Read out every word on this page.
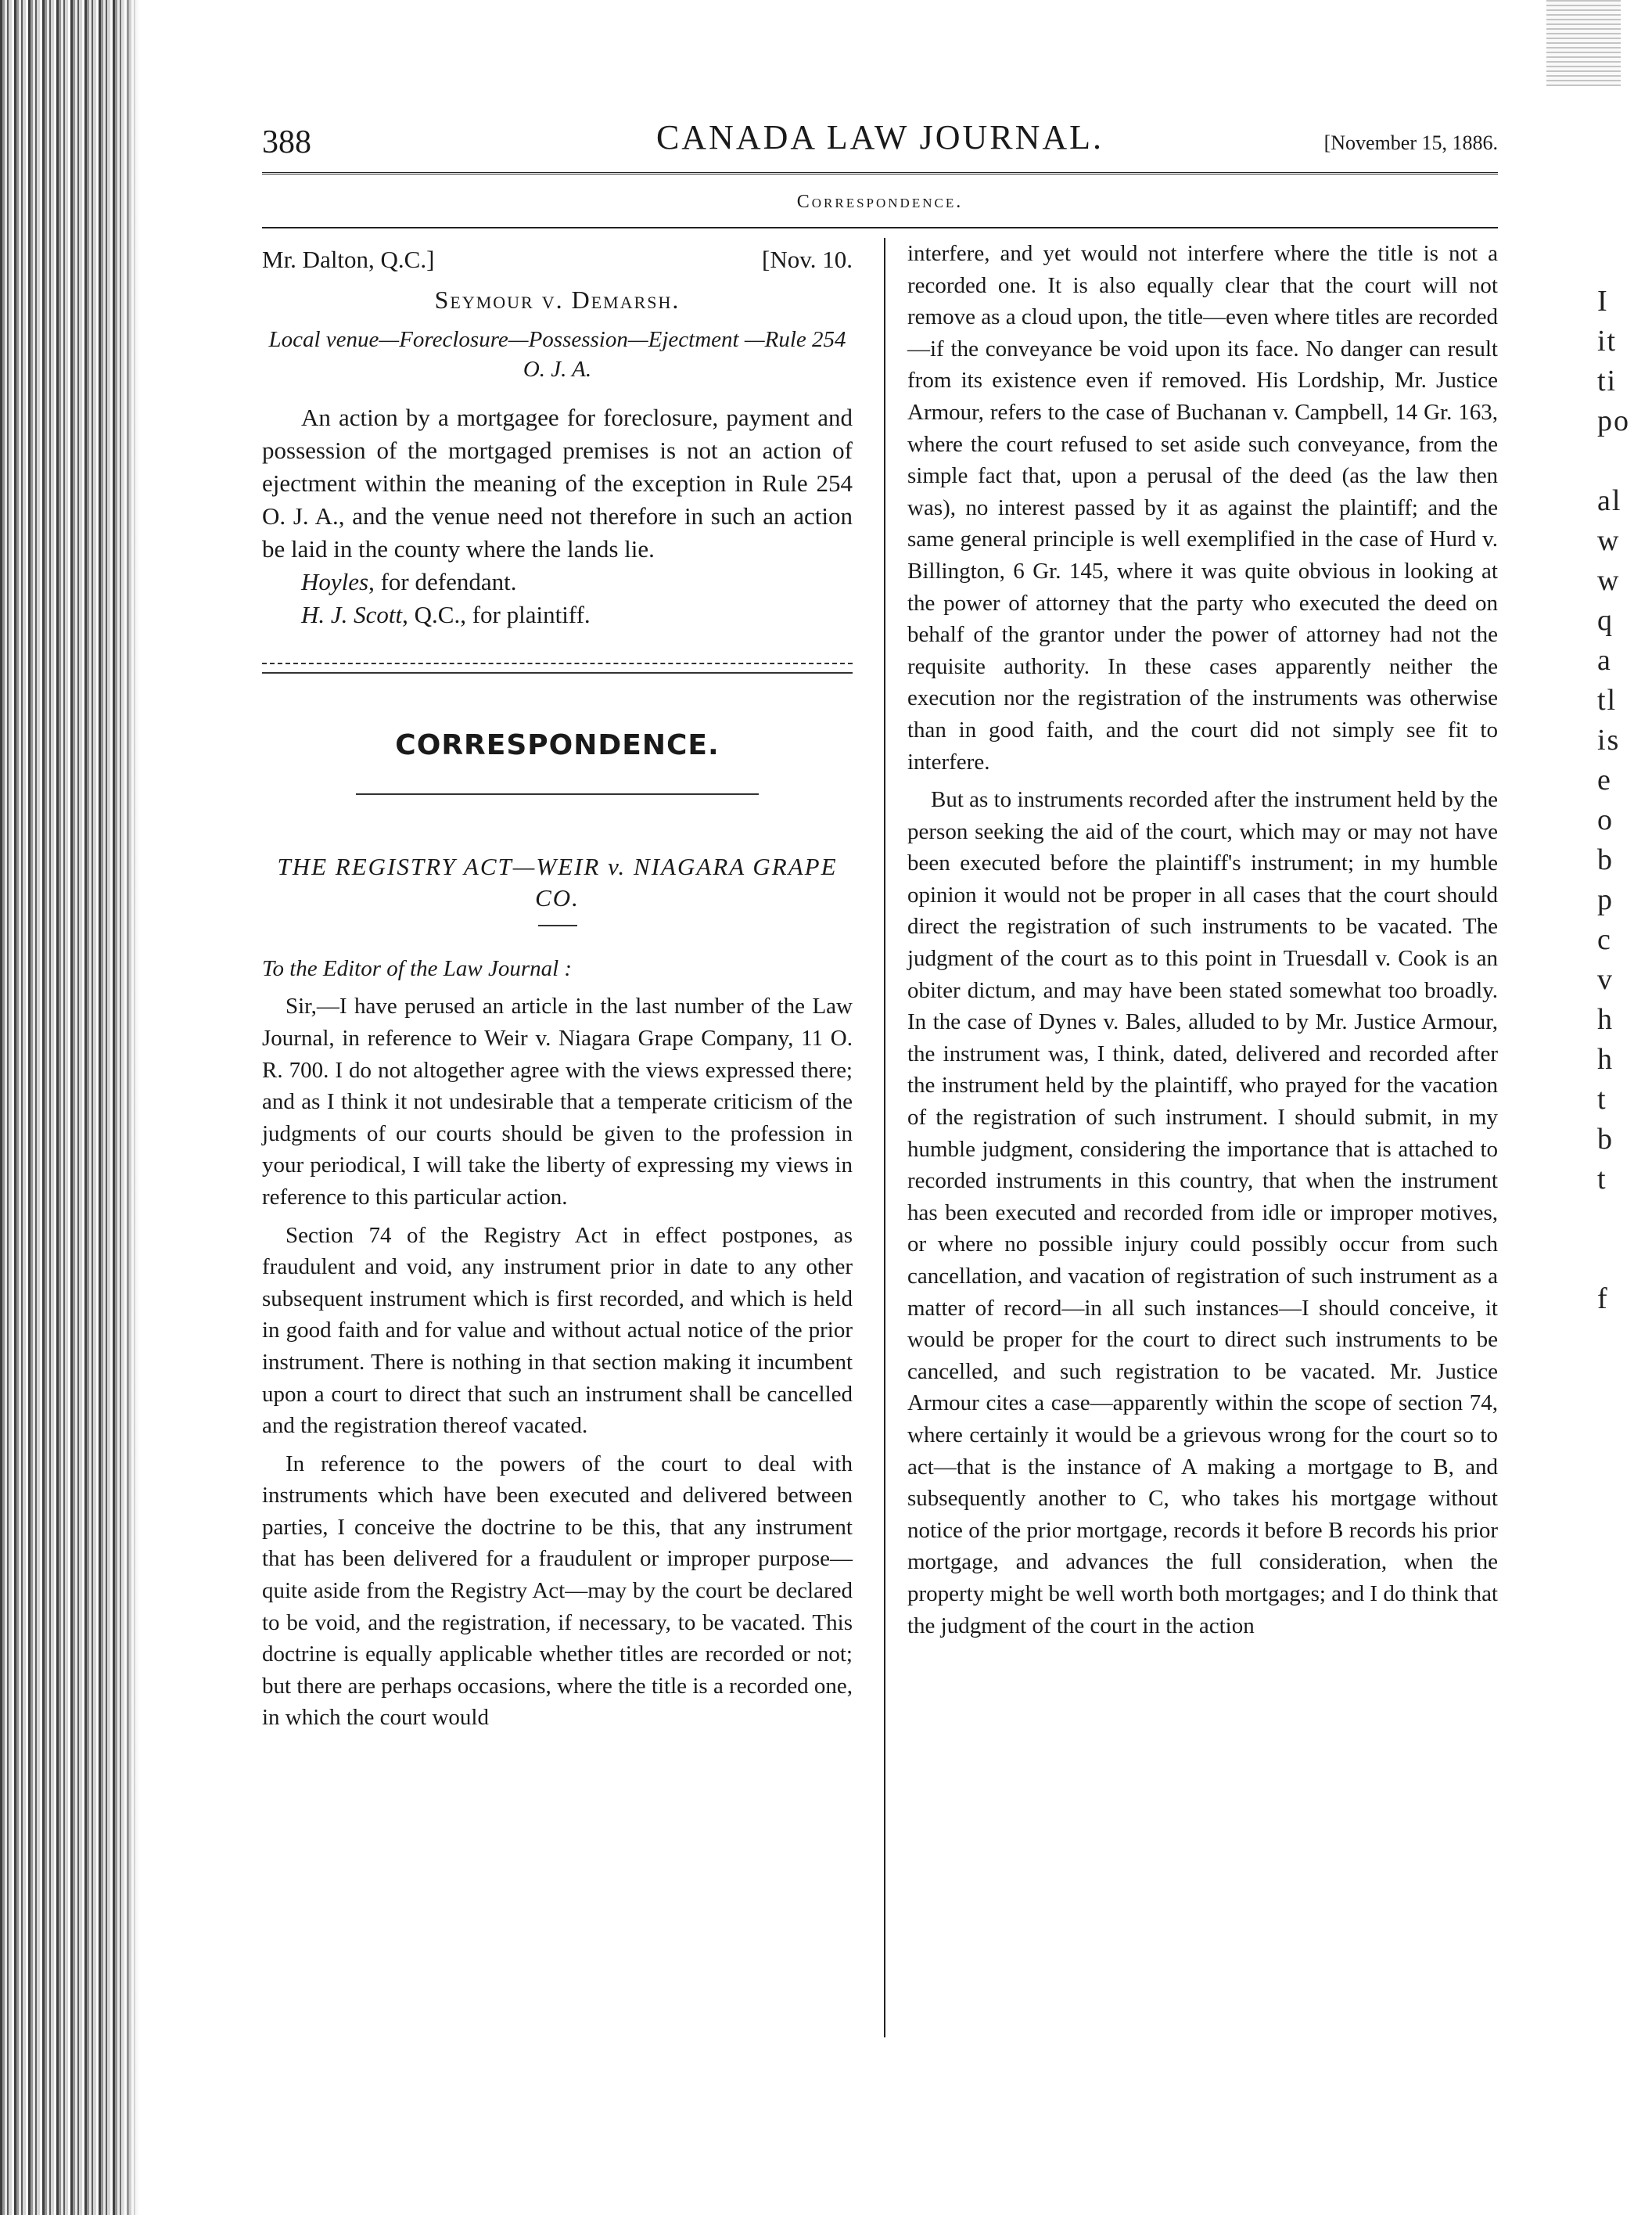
I
it
ti
po

al
w
w
q
a
tl
is
e
o
b
p
c
v
h
h
t
b
t

f
388	CANADA LAW JOURNAL.	[November 15, 1886.
Correspondence.
Mr. Dalton, Q.C.]	[Nov. 10.
Seymour v. Demarsh.
Local venue—Foreclosure—Possession—Ejectment —Rule 254 O. J. A.

An action by a mortgagee for foreclosure, payment and possession of the mortgaged premises is not an action of ejectment within the meaning of the exception in Rule 254 O. J. A., and the venue need not therefore in such an action be laid in the county where the lands lie.

Hoyles, for defendant.

H. J. Scott, Q.C., for plaintiff.

CORRESPONDENCE.
THE REGISTRY ACT—WEIR v. NIAGARA GRAPE CO.

To the Editor of the Law Journal :

Sir,—I have perused an article in the last number of the Law Journal, in reference to Weir v. Niagara Grape Company, 11 O. R. 700. I do not altogether agree with the views expressed there; and as I think it not undesirable that a temperate criticism of the judgments of our courts should be given to the profession in your periodical, I will take the liberty of expressing my views in reference to this particular action.

Section 74 of the Registry Act in effect postpones, as fraudulent and void, any instrument prior in date to any other subsequent instrument which is first recorded, and which is held in good faith and for value and without actual notice of the prior instrument. There is nothing in that section making it incumbent upon a court to direct that such an instrument shall be cancelled and the registration thereof vacated.

In reference to the powers of the court to deal with instruments which have been executed and delivered between parties, I conceive the doctrine to be this, that any instrument that has been delivered for a fraudulent or improper purpose—quite aside from the Registry Act—may by the court be declared to be void, and the registration, if necessary, to be vacated. This doctrine is equally applicable whether titles are recorded or not; but there are perhaps occasions, where the title is a recorded one, in which the court would

interfere, and yet would not interfere where the title is not a recorded one. It is also equally clear that the court will not remove as a cloud upon, the title—even where titles are recorded—if the conveyance be void upon its face. No danger can result from its existence even if removed. His Lordship, Mr. Justice Armour, refers to the case of Buchanan v. Campbell, 14 Gr. 163, where the court refused to set aside such conveyance, from the simple fact that, upon a perusal of the deed (as the law then was), no interest passed by it as against the plaintiff; and the same general principle is well exemplified in the case of Hurd v. Billington, 6 Gr. 145, where it was quite obvious in looking at the power of attorney that the party who executed the deed on behalf of the grantor under the power of attorney had not the requisite authority. In these cases apparently neither the execution nor the registration of the instruments was otherwise than in good faith, and the court did not simply see fit to interfere.

But as to instruments recorded after the instrument held by the person seeking the aid of the court, which may or may not have been executed before the plaintiff's instrument; in my humble opinion it would not be proper in all cases that the court should direct the registration of such instruments to be vacated. The judgment of the court as to this point in Truesdall v. Cook is an obiter dictum, and may have been stated somewhat too broadly. In the case of Dynes v. Bales, alluded to by Mr. Justice Armour, the instrument was, I think, dated, delivered and recorded after the instrument held by the plaintiff, who prayed for the vacation of the registration of such instrument. I should submit, in my humble judgment, considering the importance that is attached to recorded instruments in this country, that when the instrument has been executed and recorded from idle or improper motives, or where no possible injury could possibly occur from such cancellation, and vacation of registration of such instrument as a matter of record—in all such instances—I should conceive, it would be proper for the court to direct such instruments to be cancelled, and such registration to be vacated. Mr. Justice Armour cites a case—apparently within the scope of section 74, where certainly it would be a grievous wrong for the court so to act—that is the instance of A making a mortgage to B, and subsequently another to C, who takes his mortgage without notice of the prior mortgage, records it before B records his prior mortgage, and advances the full consideration, when the property might be well worth both mortgages; and I do think that the judgment of the court in the action
